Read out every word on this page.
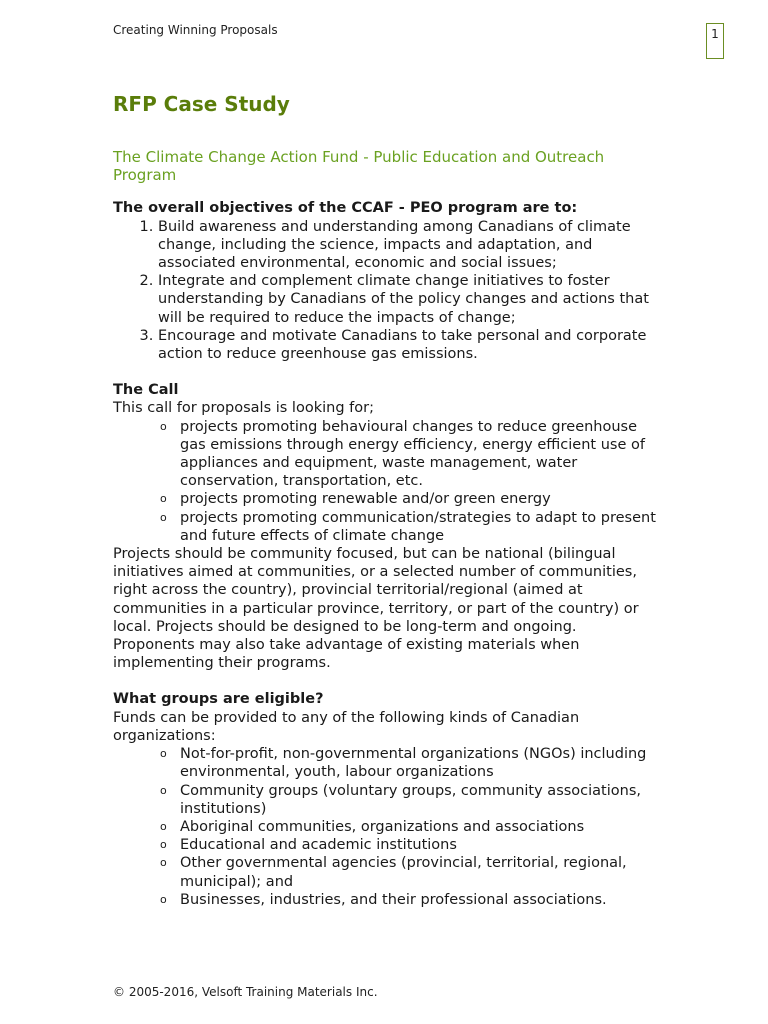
Creating Winning Proposals	1
RFP Case Study

The Climate Change Action Fund - Public Education and Outreach Program

The overall objectives of the CCAF - PEO program are to:

1. Build awareness and understanding among Canadians of climate change, including the science, impacts and adaptation, and associated environmental, economic and social issues;
2. Integrate and complement climate change initiatives to foster understanding by Canadians of the policy changes and actions that will be required to reduce the impacts of change;
3. Encourage and motivate Canadians to take personal and corporate action to reduce greenhouse gas emissions.

The Call

This call for proposals is looking for;

o projects promoting behavioural changes to reduce greenhouse gas emissions through energy efficiency, energy efficient use of appliances and equipment, waste management, water conservation, transportation, etc.
o projects promoting renewable and/or green energy
o projects promoting communication/strategies to adapt to present and future effects of climate change

Projects should be community focused, but can be national (bilingual initiatives aimed at communities, or a selected number of communities, right across the country), provincial territorial/regional (aimed at communities in a particular province, territory, or part of the country) or local. Projects should be designed to be long-term and ongoing. Proponents may also take advantage of existing materials when implementing their programs.

What groups are eligible?

Funds can be provided to any of the following kinds of Canadian organizations:

o Not-for-profit, non-governmental organizations (NGOs) including environmental, youth, labour organizations
o Community groups (voluntary groups, community associations, institutions)
o Aboriginal communities, organizations and associations
o Educational and academic institutions
o Other governmental agencies (provincial, territorial, regional, municipal); and
o Businesses, industries, and their professional associations.
© 2005-2016, Velsoft Training Materials Inc.
